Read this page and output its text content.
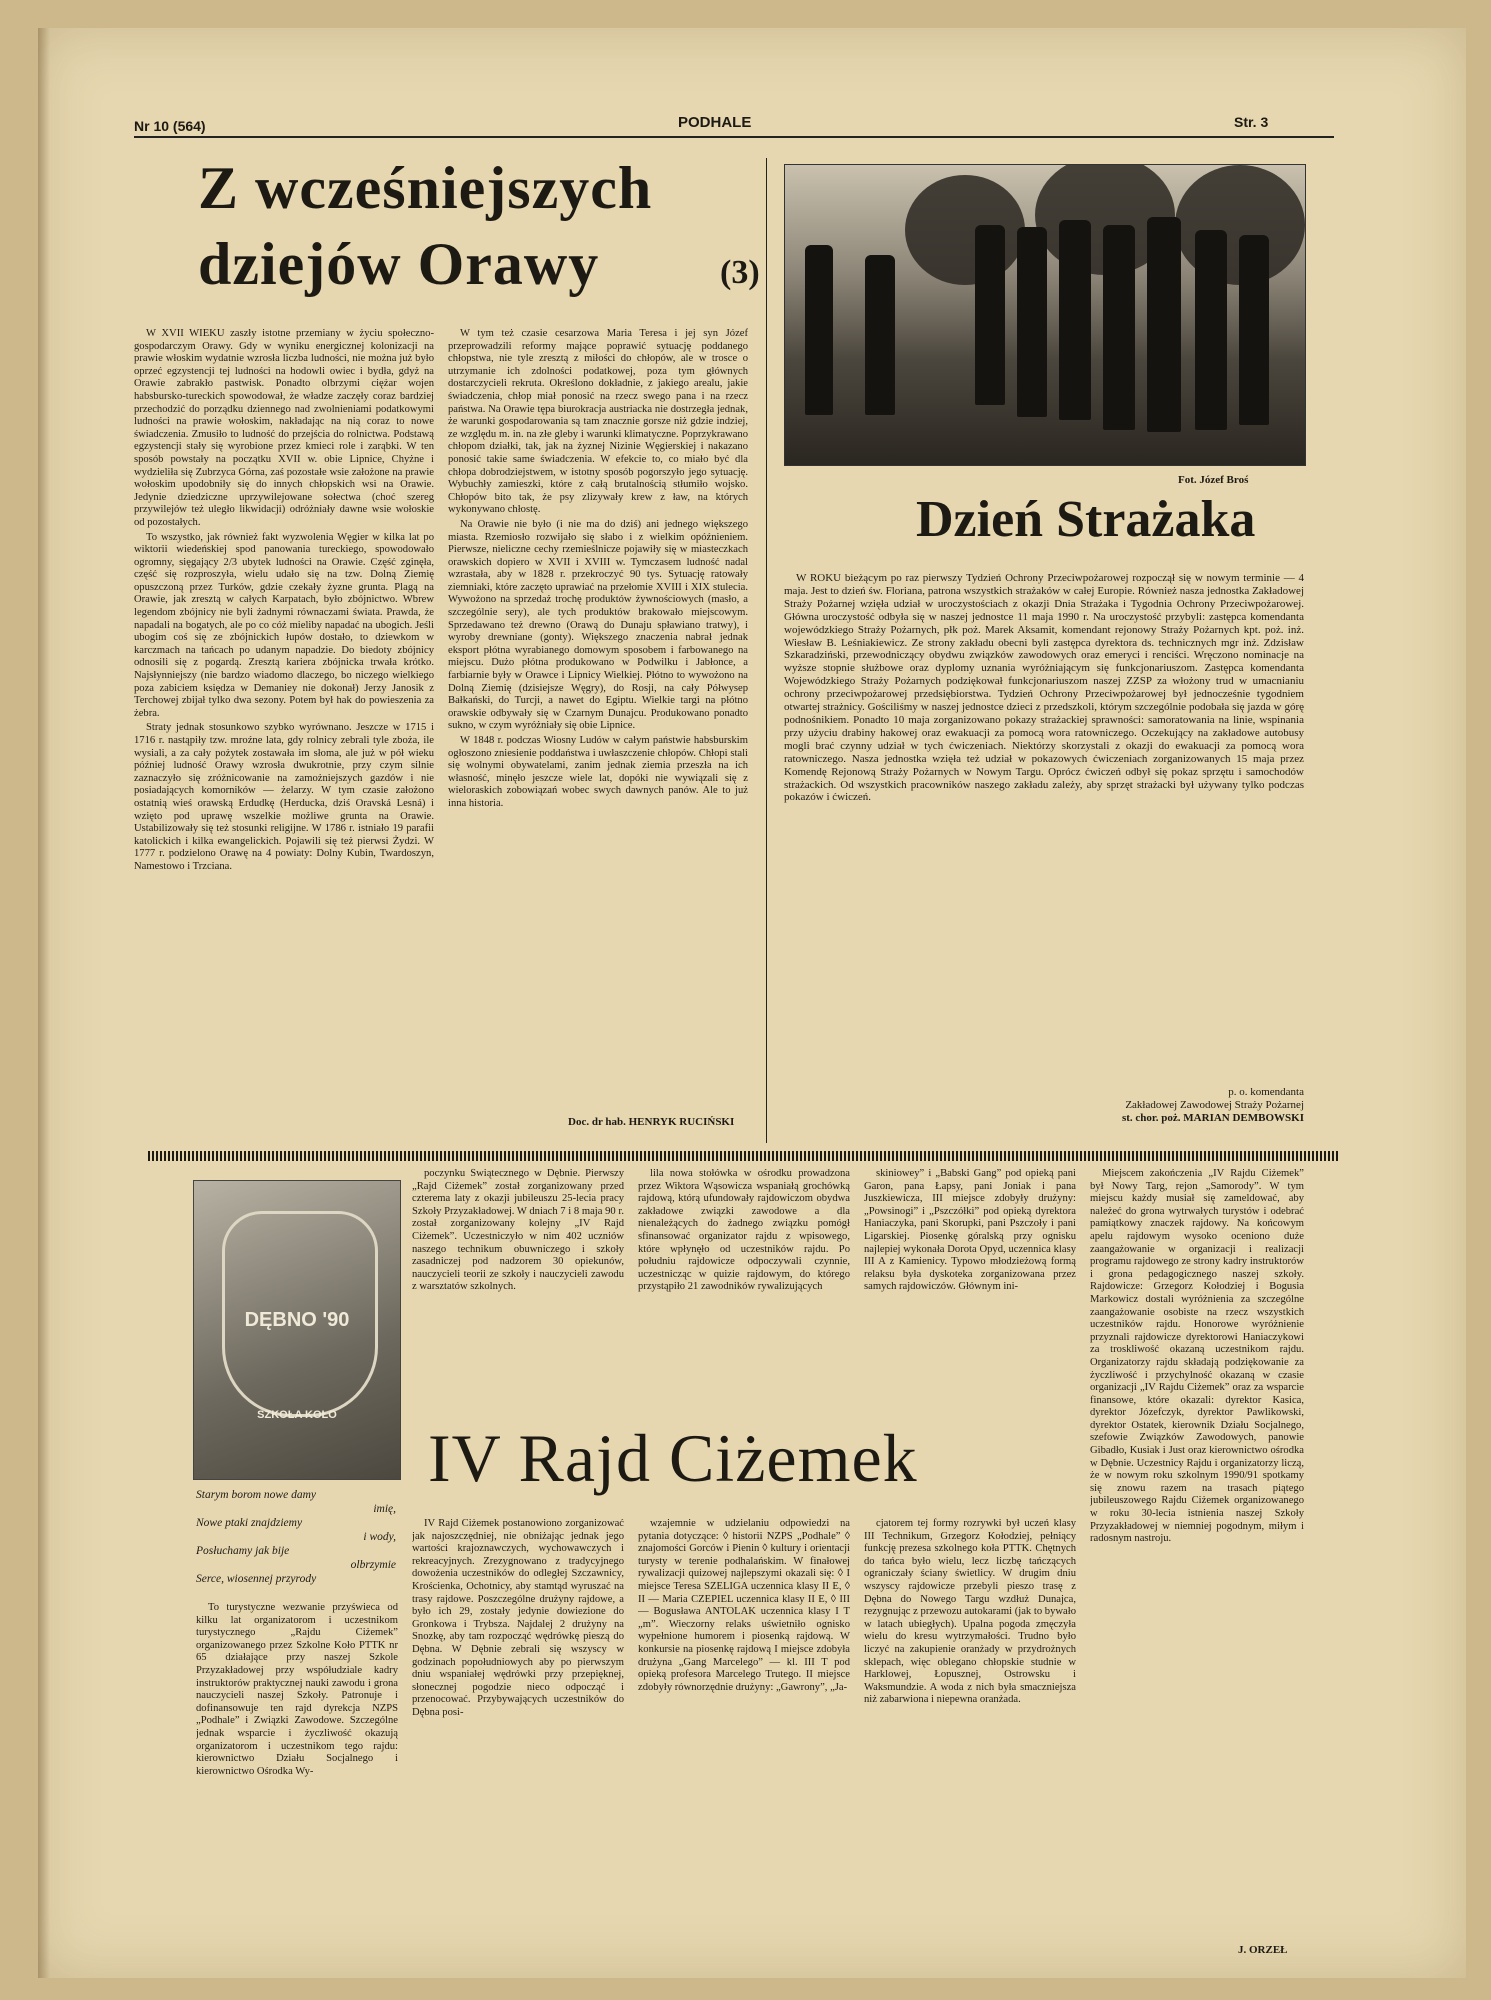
Nr 10 (564)	PODHALE	Str. 3
Z wcześniejszych
dziejów Orawy	(3)

W XVII WIEKU zaszły istotne przemiany w życiu społeczno-gospodarczym Orawy. Gdy w wyniku energicznej kolonizacji na prawie włoskim wydatnie wzrosła liczba ludności, nie można już było oprzeć egzystencji tej ludności na hodowli owiec i bydła, gdyż na Orawie zabrakło pastwisk. Ponadto olbrzymi ciężar wojen habsbursko-tureckich spowodował, że władze zaczęły coraz bardziej przechodzić do porządku dziennego nad zwolnieniami podatkowymi ludności na prawie wołoskim, nakładając na nią coraz to nowe świadczenia. Zmusiło to ludność do przejścia do rolnictwa. Podstawą egzystencji stały się wyrobione przez kmieci role i zarąbki. W ten sposób powstały na początku XVII w. obie Lipnice, Chyżne i wydzieliła się Zubrzyca Górna, zaś pozostałe wsie założone na prawie wołoskim upodobniły się do innych chłopskich wsi na Orawie. Jedynie dziedziczne uprzywilejowane sołectwa (choć szereg przywilejów też uległo likwidacji) odróżniały dawne wsie wołoskie od pozostałych.

To wszystko, jak również fakt wyzwolenia Węgier w kilka lat po wiktorii wiedeńskiej spod panowania tureckiego, spowodowało ogromny, sięgający 2/3 ubytek ludności na Orawie. Część zginęła, część się rozproszyła, wielu udało się na tzw. Dolną Ziemię opuszczoną przez Turków, gdzie czekały żyzne grunta. Plagą na Orawie, jak zresztą w całych Karpatach, było zbójnictwo. Wbrew legendom zbójnicy nie byli żadnymi równaczami świata. Prawda, że napadali na bogatych, ale po co cóż mieliby napadać na ubogich. Jeśli ubogim coś się ze zbójnickich łupów dostało, to dziewkom w karczmach na tańcach po udanym napadzie. Do biedoty zbójnicy odnosili się z pogardą. Zresztą kariera zbójnicka trwała krótko. Najsłynniejszy (nie bardzo wiadomo dlaczego, bo niczego wielkiego poza zabiciem księdza w Demaniey nie dokonał) Jerzy Janosik z Terchowej zbijał tylko dwa sezony. Potem był hak do powieszenia za żebra.

Straty jednak stosunkowo szybko wyrównano. Jeszcze w 1715 i 1716 r. nastąpiły tzw. mroźne lata, gdy rolnicy zebrali tyle zboża, ile wysiali, a za cały pożytek zostawała im słoma, ale już w pół wieku później ludność Orawy wzrosła dwukrotnie, przy czym silnie zaznaczyło się zróżnicowanie na zamożniejszych gazdów i nie posiadających komorników — żelarzy. W tym czasie założono ostatnią wieś orawską Erdudkę (Herducka, dziś Oravská Lesná) i wzięto pod uprawę wszelkie możliwe grunta na Orawie. Ustabilizowały się też stosunki religijne. W 1786 r. istniało 19 parafii katolickich i kilka ewangelickich. Pojawili się też pierwsi Żydzi. W 1777 r. podzielono Orawę na 4 powiaty: Dolny Kubin, Twardoszyn, Namestowo i Trzciana.

W tym też czasie cesarzowa Maria Teresa i jej syn Józef przeprowadzili reformy mające poprawić sytuację poddanego chłopstwa, nie tyle zresztą z miłości do chłopów, ale w trosce o utrzymanie ich zdolności podatkowej, poza tym głównych dostarczycieli rekruta. Określono dokładnie, z jakiego arealu, jakie świadczenia, chłop miał ponosić na rzecz swego pana i na rzecz państwa. Na Orawie tępa biurokracja austriacka nie dostrzegła jednak, że warunki gospodarowania są tam znacznie gorsze niż gdzie indziej, ze względu m. in. na złe gleby i warunki klimatyczne. Poprzykrawano chłopom działki, tak, jak na żyznej Nizinie Węgierskiej i nakazano ponosić takie same świadczenia. W efekcie to, co miało być dla chłopa dobrodziejstwem, w istotny sposób pogorszyło jego sytuację. Wybuchły zamieszki, które z całą brutalnością stłumiło wojsko. Chłopów bito tak, że psy zlizywały krew z ław, na których wykonywano chłostę.

Na Orawie nie było (i nie ma do dziś) ani jednego większego miasta. Rzemiosło rozwijało się słabo i z wielkim opóźnieniem. Pierwsze, nieliczne cechy rzemieślnicze pojawiły się w miasteczkach orawskich dopiero w XVII i XVIII w. Tymczasem ludność nadal wzrastała, aby w 1828 r. przekroczyć 90 tys. Sytuację ratowały ziemniaki, które zaczęto uprawiać na przełomie XVIII i XIX stulecia. Wywożono na sprzedaż trochę produktów żywnościowych (masło, a szczególnie sery), ale tych produktów brakowało miejscowym. Sprzedawano też drewno (Orawą do Dunaju spławiano tratwy), i wyroby drewniane (gonty). Większego znaczenia nabrał jednak eksport płótna wyrabianego domowym sposobem i farbowanego na miejscu. Dużo płótna produkowano w Podwilku i Jabłonce, a farbiarnie były w Orawce i Lipnicy Wielkiej. Płótno to wywożono na Dolną Ziemię (dzisiejsze Węgry), do Rosji, na cały Półwysep Bałkański, do Turcji, a nawet do Egiptu. Wielkie targi na płótno orawskie odbywały się w Czarnym Dunajcu. Produkowano ponadto sukno, w czym wyróżniały się obie Lipnice.

W 1848 r. podczas Wiosny Ludów w całym państwie habsburskim ogłoszono zniesienie poddaństwa i uwłaszczenie chłopów. Chłopi stali się wolnymi obywatelami, zanim jednak ziemia przeszła na ich własność, minęło jeszcze wiele lat, dopóki nie wywiązali się z wieloraskich zobowiązań wobec swych dawnych panów. Ale to już inna historia.

Doc. dr hab. HENRYK RUCIŃSKI
Fot. Józef Broś
Dzień Strażaka

W ROKU bieżącym po raz pierwszy Tydzień Ochrony Przeciwpożarowej rozpoczął się w nowym terminie — 4 maja. Jest to dzień św. Floriana, patrona wszystkich strażaków w całej Europie. Również nasza jednostka Zakładowej Straży Pożarnej wzięła udział w uroczystościach z okazji Dnia Strażaka i Tygodnia Ochrony Przeciwpożarowej. Główna uroczystość odbyła się w naszej jednostce 11 maja 1990 r. Na uroczystość przybyli: zastępca komendanta wojewódzkiego Straży Pożarnych, płk poż. Marek Aksamit, komendant rejonowy Straży Pożarnych kpt. poż. inż. Wiesław B. Leśniakiewicz. Ze strony zakładu obecni byli zastępca dyrektora ds. technicznych mgr inż. Zdzisław Szkaradziński, przewodniczący obydwu związków zawodowych oraz emeryci i renciści. Wręczono nominacje na wyższe stopnie służbowe oraz dyplomy uznania wyróżniającym się funkcjonariuszom. Zastępca komendanta Wojewódzkiego Straży Pożarnych podziękował funkcjonariuszom naszej ZZSP za włożony trud w umacnianiu ochrony przeciwpożarowej przedsiębiorstwa. Tydzień Ochrony Przeciwpożarowej był jednocześnie tygodniem otwartej strażnicy. Gościliśmy w naszej jednostce dzieci z przedszkoli, którym szczególnie podobała się jazda w górę podnośnikiem. Ponadto 10 maja zorganizowano pokazy strażackiej sprawności: samoratowania na linie, wspinania przy użyciu drabiny hakowej oraz ewakuacji za pomocą wora ratowniczego. Oczekujący na zakładowe autobusy mogli brać czynny udział w tych ćwiczeniach. Niektórzy skorzystali z okazji do ewakuacji za pomocą wora ratowniczego. Nasza jednostka wzięła też udział w pokazowych ćwiczeniach zorganizowanych 15 maja przez Komendę Rejonową Straży Pożarnych w Nowym Targu. Oprócz ćwiczeń odbył się pokaz sprzętu i samochodów strażackich. Od wszystkich pracowników naszego zakładu zależy, aby sprzęt strażacki był używany tylko podczas pokazów i ćwiczeń.

p. o. komendanta
Zakładowej Zawodowej Straży Pożarnej
st. chor. poż. MARIAN DEMBOWSKI
DĘBNO '90
SZKOŁA KOŁO
Starym borom nowe damy
imię,
Nowe ptaki znajdziemy
i wody,
Posłuchamy jak bije
olbrzymie
Serce, wiosennej przyrody

poczynku Świątecznego w Dębnie. Pierwszy „Rajd Ciżemek” został zorganizowany przed czterema laty z okazji jubileuszu 25-lecia pracy Szkoły Przyzakładowej. W dniach 7 i 8 maja 90 r. został zorganizowany kolejny „IV Rajd Ciżemek”. Uczestniczyło w nim 402 uczniów naszego technikum obuwniczego i szkoły zasadniczej pod nadzorem 30 opiekunów, nauczycieli teorii ze szkoły i nauczycieli zawodu z warsztatów szkolnych.

lila nowa stołówka w ośrodku prowadzona przez Wiktora Wąsowicza wspaniałą grochówką rajdową, którą ufundowały rajdowiczom obydwa zakładowe związki zawodowe a dla nienależących do żadnego związku pomógł sfinansować organizator rajdu z wpisowego, które wpłynęło od uczestników rajdu. Po południu rajdowicze odpoczywali czynnie, uczestnicząc w quizie rajdowym, do którego przystąpiło 21 zawodników rywalizujących

skiniowey” i „Babski Gang” pod opieką pani Garon, pana Łapsy, pani Joniak i pana Juszkiewicza, III miejsce zdobyły drużyny: „Powsinogi” i „Pszczółki” pod opieką dyrektora Haniaczyka, pani Skorupki, pani Pszczoły i pani Ligarskiej. Piosenkę góralską przy ognisku najlepiej wykonała Dorota Opyd, uczennica klasy III A z Kamienicy. Typowo młodzieżową formą relaksu była dyskoteka zorganizowana przez samych rajdowiczów. Głównym ini-

IV Rajd Ciżemek

To turystyczne wezwanie przyświeca od kilku lat organizatorom i uczestnikom turystycznego „Rajdu Ciżemek” organizowanego przez Szkolne Koło PTTK nr 65 działające przy naszej Szkole Przyzakładowej przy współudziale kadry instruktorów praktycznej nauki zawodu i grona nauczycieli naszej Szkoły. Patronuje i dofinansowuje ten rajd dyrekcja NZPS „Podhale” i Związki Zawodowe. Szczególne jednak wsparcie i życzliwość okazują organizatorom i uczestnikom tego rajdu: kierownictwo Działu Socjalnego i kierownictwo Ośrodka Wy-

IV Rajd Ciżemek postanowiono zorganizować jak najoszczędniej, nie obniżając jednak jego wartości krajoznawczych, wychowawczych i rekreacyjnych. Zrezygnowano z tradycyjnego dowożenia uczestników do odległej Szczawnicy, Krościenka, Ochotnicy, aby stamtąd wyruszać na trasy rajdowe. Poszczególne drużyny rajdowe, a było ich 29, zostały jedynie dowiezione do Gronkowa i Trybsza. Najdalej 2 drużyny na Snozkę, aby tam rozpocząć wędrówkę pieszą do Dębna. W Dębnie zebrali się wszyscy w godzinach popołudniowych aby po pierwszym dniu wspaniałej wędrówki przy przepięknej, słonecznej pogodzie nieco odpocząć i przenocować. Przybywających uczestników do Dębna posi-

wzajemnie w udzielaniu odpowiedzi na pytania dotyczące: ◊ historii NZPS „Podhale” ◊ znajomości Gorców i Pienin ◊ kultury i orientacji turysty w terenie podhalańskim. W finałowej rywalizacji quizowej najlepszymi okazali się: ◊ I miejsce Teresa SZELIGA uczennica klasy II E, ◊ II — Maria CZEPIEL uczennica klasy II E, ◊ III — Bogusława ANTOLAK uczennica klasy I T „m”. Wieczorny relaks uświetniło ognisko wypełnione humorem i piosenką rajdową. W konkursie na piosenkę rajdową I miejsce zdobyła drużyna „Gang Marcelego” — kl. III T pod opieką profesora Marcelego Trutego. II miejsce zdobyły równorzędnie drużyny: „Gawrony”, „Ja-

cjatorem tej formy rozrywki był uczeń klasy III Technikum, Grzegorz Kołodziej, pełniący funkcję prezesa szkolnego koła PTTK. Chętnych do tańca było wielu, lecz liczbę tańczących ograniczały ściany świetlicy. W drugim dniu wszyscy rajdowicze przebyli pieszo trasę z Dębna do Nowego Targu wzdłuż Dunajca, rezygnując z przewozu autokarami (jak to bywało w latach ubiegłych). Upalna pogoda zmęczyła wielu do kresu wytrzymałości. Trudno było liczyć na zakupienie oranżady w przydrożnych sklepach, więc oblegano chłopskie studnie w Harklowej, Łopusznej, Ostrowsku i Waksmundzie. A woda z nich była smaczniejsza niż zabarwiona i niepewna oranżada.

Miejscem zakończenia „IV Rajdu Ciżemek” był Nowy Targ, rejon „Samorody”. W tym miejscu każdy musiał się zameldować, aby należeć do grona wytrwałych turystów i odebrać pamiątkowy znaczek rajdowy. Na końcowym apelu rajdowym wysoko oceniono duże zaangażowanie w organizacji i realizacji programu rajdowego ze strony kadry instruktorów i grona pedagogicznego naszej szkoły. Rajdowicze: Grzegorz Kołodziej i Bogusia Markowicz dostali wyróżnienia za szczególne zaangażowanie osobiste na rzecz wszystkich uczestników rajdu. Honorowe wyróżnienie przyznali rajdowicze dyrektorowi Haniaczykowi za troskliwość okazaną uczestnikom rajdu. Organizatorzy rajdu składają podziękowanie za życzliwość i przychylność okazaną w czasie organizacji „IV Rajdu Ciżemek” oraz za wsparcie finansowe, które okazali: dyrektor Kasica, dyrektor Józefczyk, dyrektor Pawlikowski, dyrektor Ostatek, kierownik Działu Socjalnego, szefowie Związków Zawodowych, panowie Gibadło, Kusiak i Just oraz kierownictwo ośrodka w Dębnie. Uczestnicy Rajdu i organizatorzy liczą, że w nowym roku szkolnym 1990/91 spotkamy się znowu razem na trasach piątego jubileuszowego Rajdu Ciżemek organizowanego w roku 30-lecia istnienia naszej Szkoły Przyzakładowej w niemniej pogodnym, miłym i radosnym nastroju.

J. ORZEŁ
